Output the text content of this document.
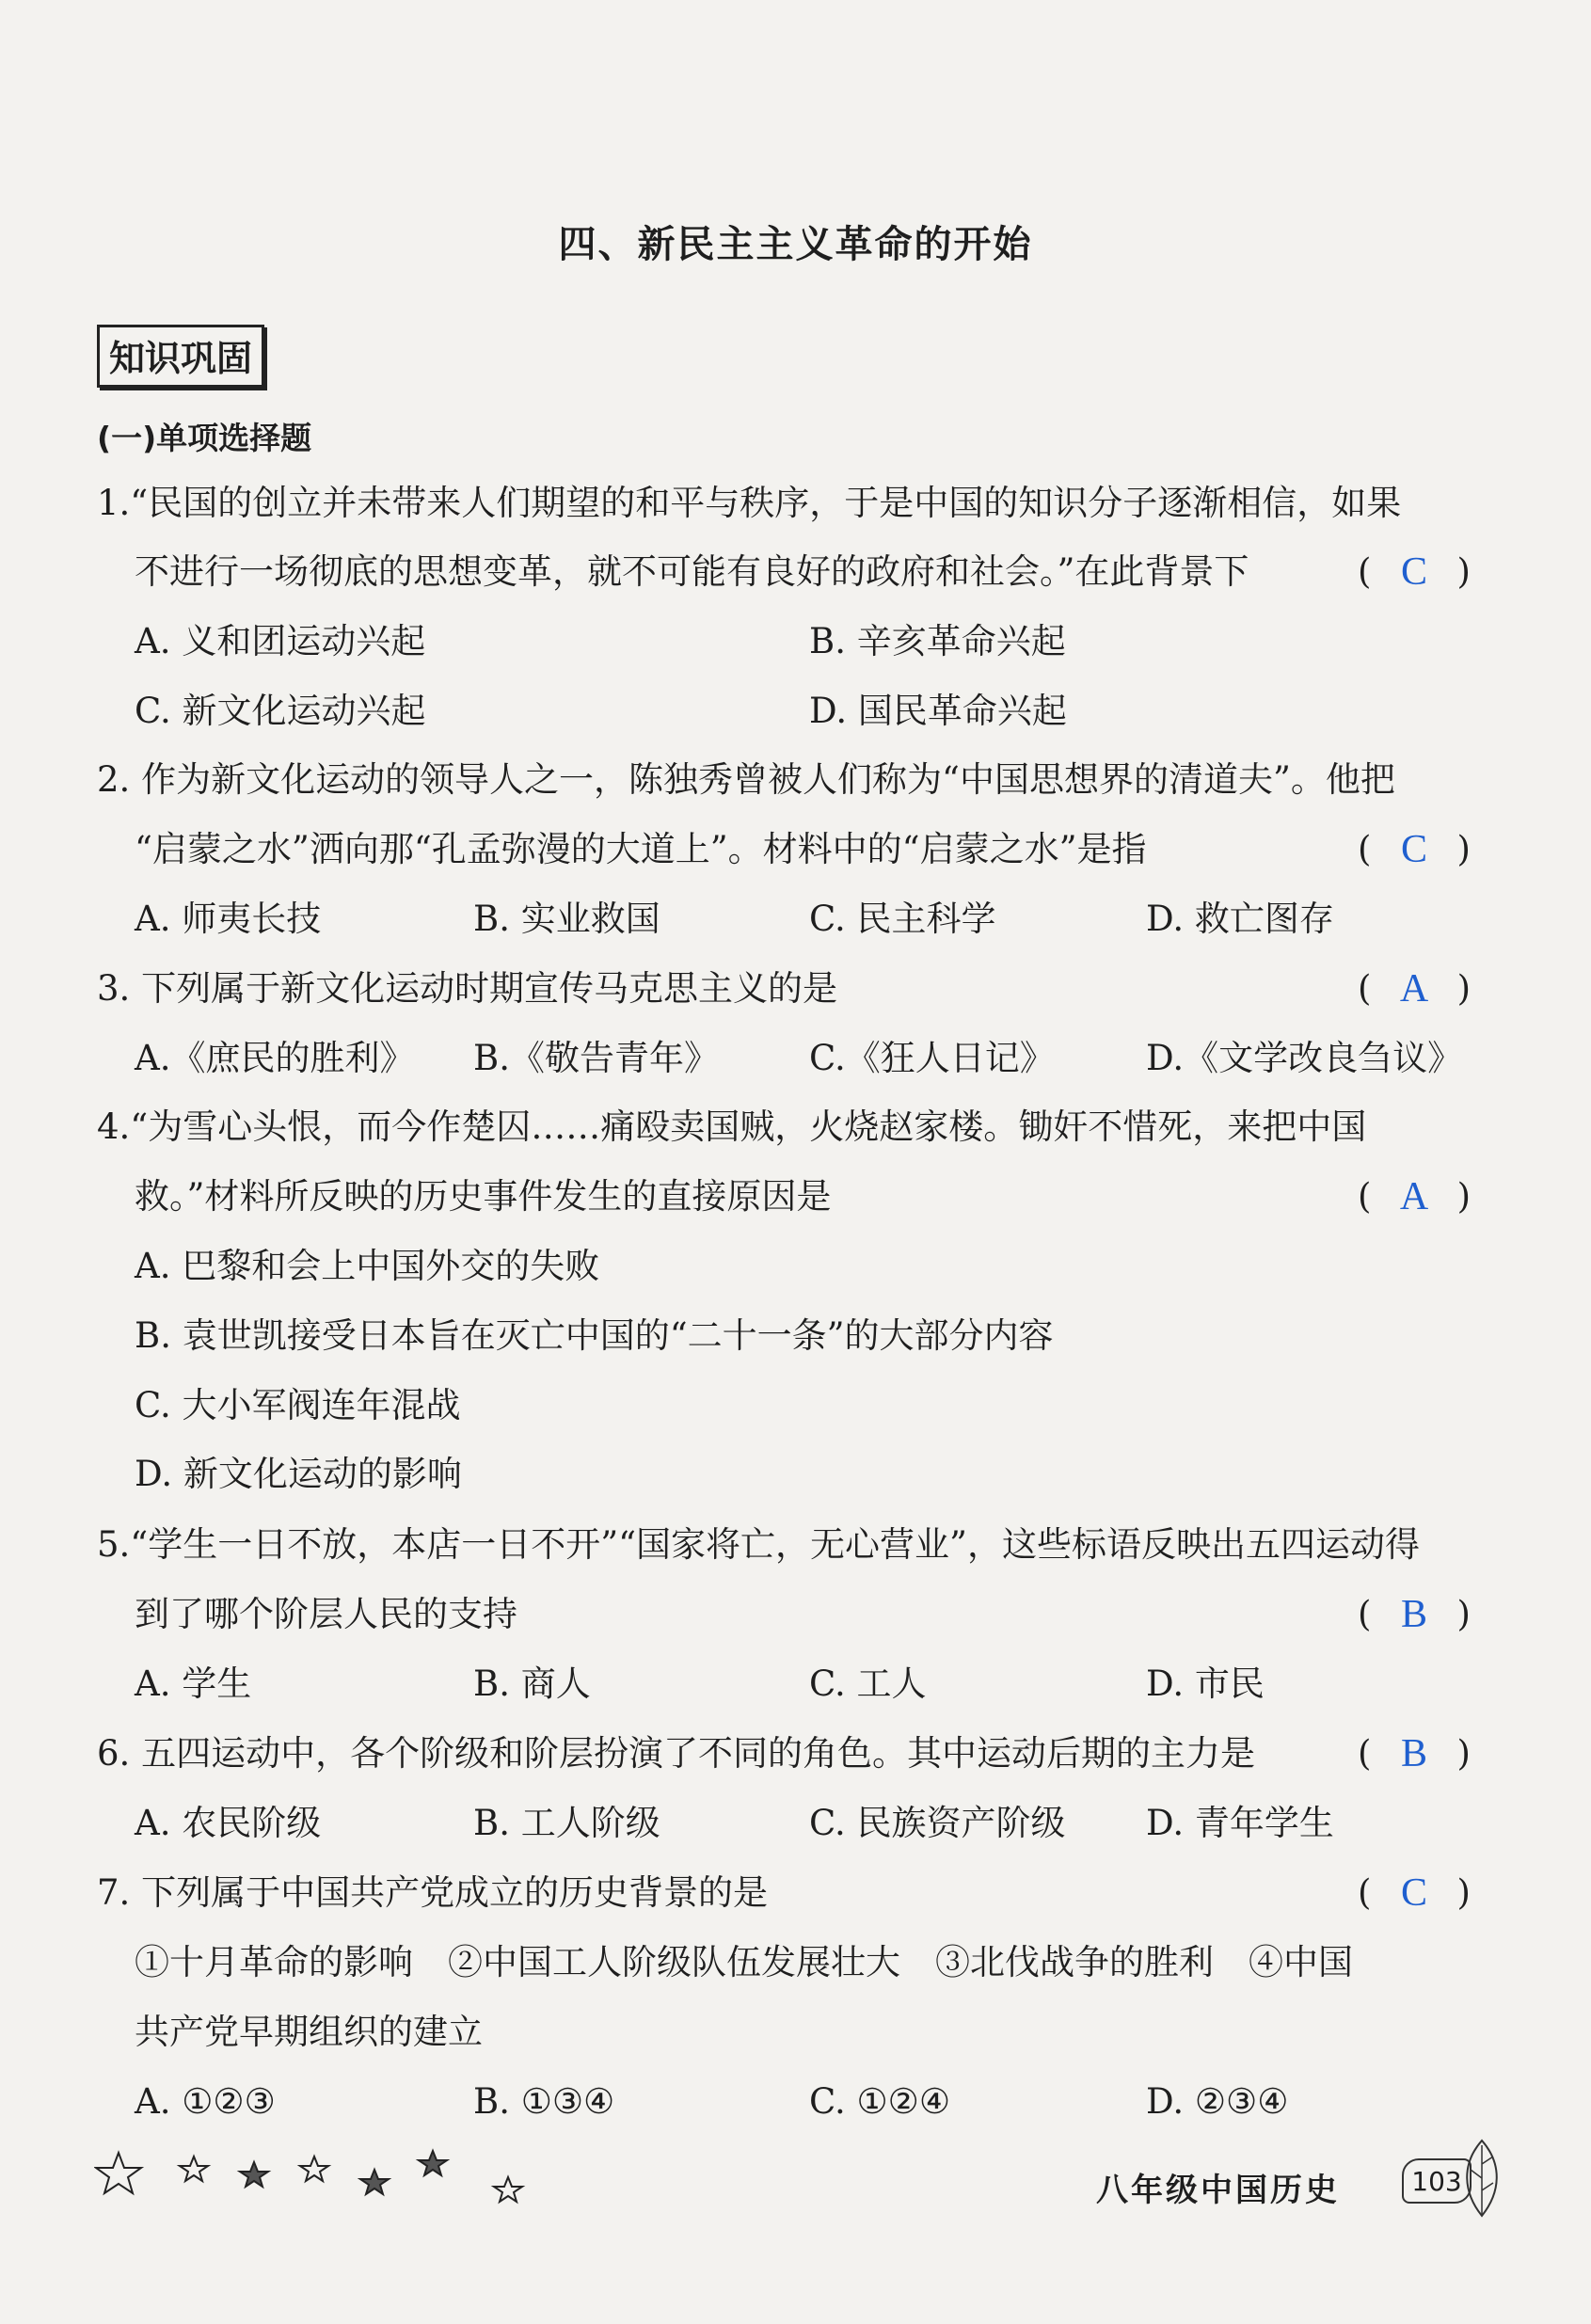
四、新民主主义革命的开始
知识巩固
(一)单项选择题
1.“民国的创立并未带来人们期望的和平与秩序，于是中国的知识分子逐渐相信，如果
不进行一场彻底的思想变革，就不可能有良好的政府和社会。”在此背景下	( C )
A. 义和团运动兴起	B. 辛亥革命兴起
C. 新文化运动兴起	D. 国民革命兴起
2. 作为新文化运动的领导人之一，陈独秀曾被人们称为“中国思想界的清道夫”。他把
“启蒙之水”洒向那“孔孟弥漫的大道上”。材料中的“启蒙之水”是指	( C )
A. 师夷长技	B. 实业救国	C. 民主科学	D. 救亡图存
3. 下列属于新文化运动时期宣传马克思主义的是	( A )
A.《庶民的胜利》 B.《敬告青年》	C.《狂人日记》	D.《文学改良刍议》
4.“为雪心头恨，而今作楚囚……痛殴卖国贼，火烧赵家楼。锄奸不惜死，来把中国
救。”材料所反映的历史事件发生的直接原因是	( A )
A. 巴黎和会上中国外交的失败
B. 袁世凯接受日本旨在灭亡中国的“二十一条”的大部分内容
C. 大小军阀连年混战
D. 新文化运动的影响
5.“学生一日不放，本店一日不开”“国家将亡，无心营业”，这些标语反映出五四运动得
到了哪个阶层人民的支持	( B )
A. 学生	B. 商人	C. 工人	D. 市民
6. 五四运动中，各个阶级和阶层扮演了不同的角色。其中运动后期的主力是	( B )
A. 农民阶级	B. 工人阶级	C. 民族资产阶级 D. 青年学生
7. 下列属于中国共产党成立的历史背景的是	( C )
①十月革命的影响　②中国工人阶级队伍发展壮大　③北伐战争的胜利　④中国
共产党早期组织的建立
A. ①②③	B. ①③④	C. ①②④	D. ②③④
八年级中国历史	103
